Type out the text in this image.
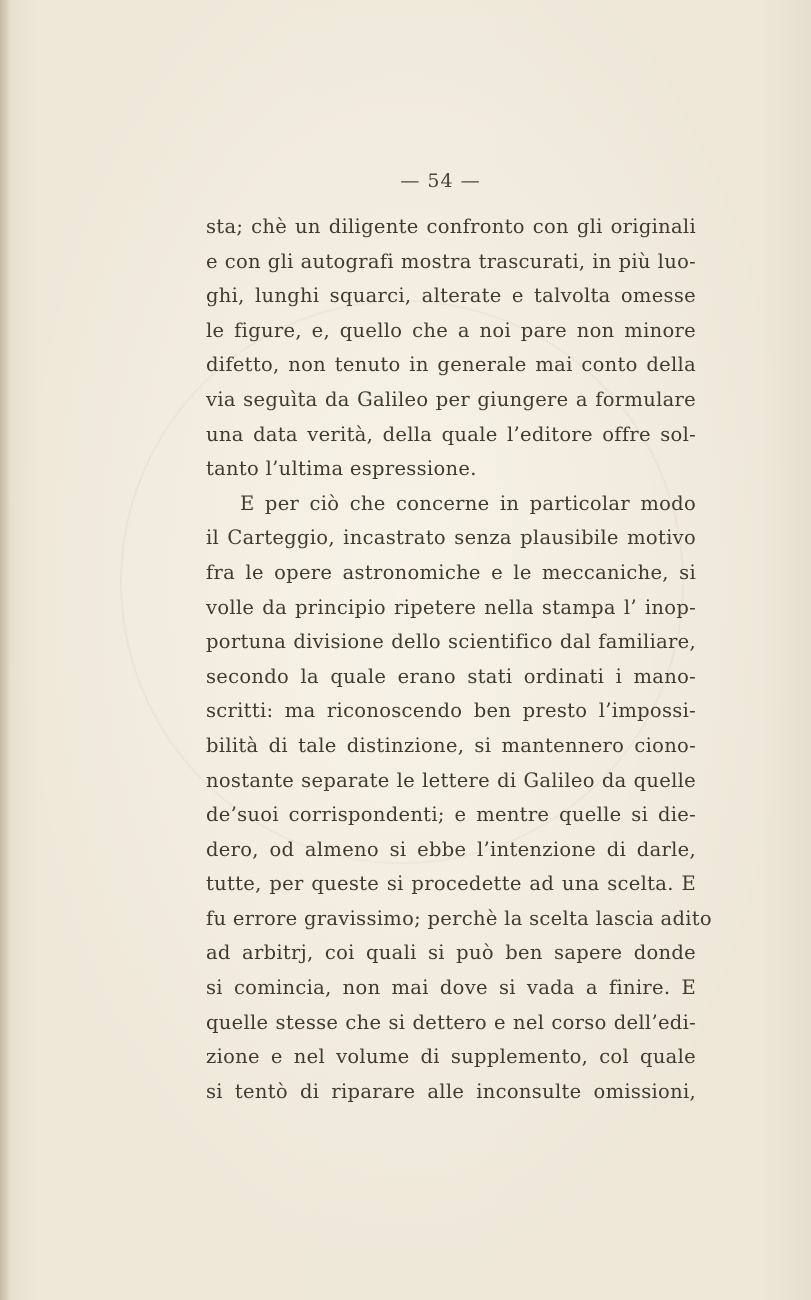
— 54 —
sta; chè un diligente confronto con gli originali
e con gli autografi mostra trascurati, in più luo-
ghi, lunghi squarci, alterate e talvolta omesse
le figure, e, quello che a noi pare non minore
difetto, non tenuto in generale mai conto della
via seguìta da Galileo per giungere a formulare
una data verità, della quale l’editore offre sol-
tanto l’ultima espressione.
E per ciò che concerne in particolar modo
il Carteggio, incastrato senza plausibile motivo
fra le opere astronomiche e le meccaniche, si
volle da principio ripetere nella stampa l’ inop-
portuna divisione dello scientifico dal familiare,
secondo la quale erano stati ordinati i mano-
scritti: ma riconoscendo ben presto l’impossi-
bilità di tale distinzione, si mantennero ciono-
nostante separate le lettere di Galileo da quelle
de’suoi corrispondenti; e mentre quelle si die-
dero, od almeno si ebbe l’intenzione di darle,
tutte, per queste si procedette ad una scelta. E
fu errore gravissimo; perchè la scelta lascia adito
ad arbitrj, coi quali si può ben sapere donde
si comincia, non mai dove si vada a finire. E
quelle stesse che si dettero e nel corso dell’edi-
zione e nel volume di supplemento, col quale
si tentò di riparare alle inconsulte omissioni,
